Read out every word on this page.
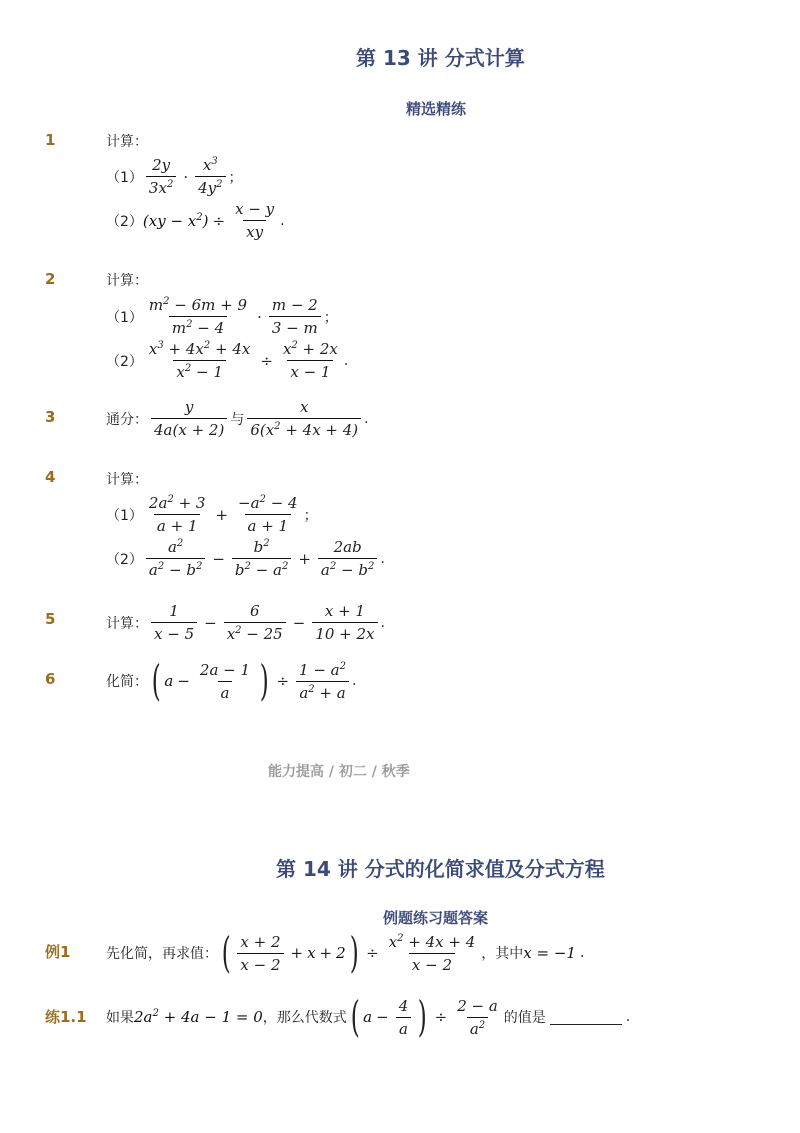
第 13 讲 分式计算
精选精练
1	计算：
$(1) \frac{2y}{3x^2} \cdot \frac{x^3}{4y^2}$ ；
（2） $(xy - x^2) \div \frac{x - y}{xy}$ .
2	计算：
$(1) \frac{m^2 - 6m + 9}{m^2 - 4} \cdot \frac{m - 2}{3 - m}$ ；
$(2) \frac{x^3 + 4x^2 + 4x}{x^2 - 1} \div \frac{x^2 + 2x}{x - 1}$ .
3	通分： $\frac{y}{4a(x + 2)}$ 与 $\frac{x}{6(x^2 + 4x + 4)}$ .
4	计算：
$(1) \frac{2a^2 + 3}{a + 1} + \frac{-a^2 - 4}{a + 1}$ ；
$(2) \frac{a^2}{a^2 - b^2} - \frac{b^2}{b^2 - a^2} + \frac{2ab}{a^2 - b^2}$ .
5	计算： $\frac{1}{x - 5} - \frac{6}{x^2 - 25} - \frac{x + 1}{10 + 2x}$ .
6	化简： ( $a - \frac{2a - 1}{a}$ ) ÷ $\frac{1 - a^2}{a^2 + a}$ .
能力提高 / 初二 / 秋季
第 14 讲 分式的化简求值及分式方程
例题练习题答案
例1	先化简，再求值： ( $\frac{x + 2}{x - 2} + x + 2$ ) ÷ $\frac{x^2 + 4x + 4}{x - 2}$ ，其中 x = −1 .
练1.1 如果 $2a^2 + 4a - 1 = 0$ ，那么代数式 ( $a - \frac{4}{a}$ ) ÷ $\frac{2 - a}{a^2}$ 的值是	.
